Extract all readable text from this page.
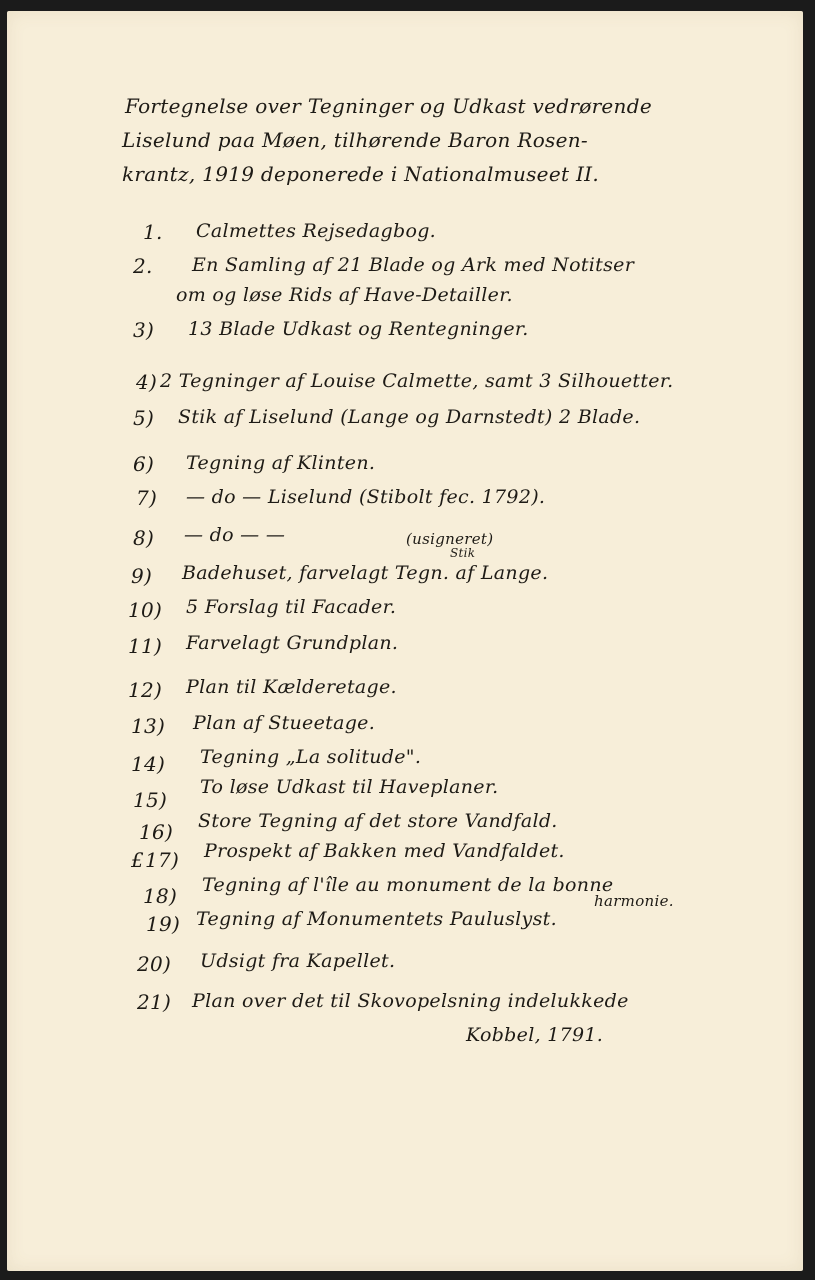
Fortegnelse over Tegninger og Udkast vedrørende
Liselund paa Møen, tilhørende Baron Rosen-
krantz, 1919 deponerede i Nationalmuseet II.
1. Calmettes Rejsedagbog.
2. En Samling af 21 Blade og Ark med Notitser
om og løse Rids af Have-Detailler.
3) 13 Blade Udkast og Rentegninger.
4) 2 Tegninger af Louise Calmette, samt 3 Silhouetter.
5) Stik af Liselund (Lange og Darnstedt) 2 Blade.
6) Tegning af Klinten.
7) — do — Liselund (Stibolt fec. 1792).
8) — do — —	(usigneret)
Stik
9) Badehuset, farvelagt Tegn. af Lange.
10) 5 Forslag til Facader.
11) Farvelagt Grundplan.
12) Plan til Kælderetage.
13) Plan af Stueetage.
14) Tegning „La solitude".
15)
To løse Udkast til Haveplaner.
16) Store Tegning af det store Vandfald.
£ 17) Prospekt af Bakken med Vandfaldet.
18) Tegning af l'île au monument de la bonne
harmonie.
19) Tegning af Monumentets Pauluslyst.
20) Udsigt fra Kapellet.
21) Plan over det til Skovopelsning indelukkede
Kobbel, 1791.
